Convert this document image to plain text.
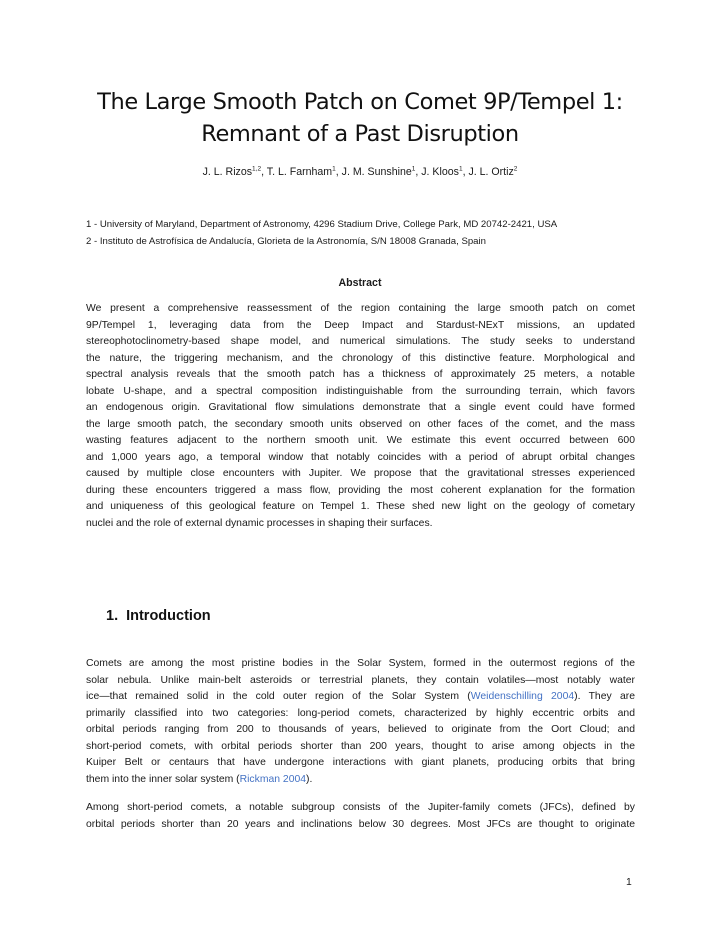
The Large Smooth Patch on Comet 9P/Tempel 1:
Remnant of a Past Disruption
J. L. Rizos$^{1,2}$, T. L. Farnham$^1$, J. M. Sunshine$^1$, J. Kloos$^1$, J. L. Ortiz$^2$
1 - University of Maryland, Department of Astronomy, 4296 Stadium Drive, College Park, MD 20742-2421, USA
2 - Instituto de Astrofísica de Andalucía, Glorieta de la Astronomía, S/N 18008 Granada, Spain
Abstract
We present a comprehensive reassessment of the region containing the large smooth patch on comet
9P/Tempel 1, leveraging data from the Deep Impact and Stardust-NExT missions, an updated
stereophotoclinometry-based shape model, and numerical simulations. The study seeks to understand
the nature, the triggering mechanism, and the chronology of this distinctive feature. Morphological and
spectral analysis reveals that the smooth patch has a thickness of approximately 25 meters, a notable
lobate U-shape, and a spectral composition indistinguishable from the surrounding terrain, which favors
an endogenous origin. Gravitational flow simulations demonstrate that a single event could have formed
the large smooth patch, the secondary smooth units observed on other faces of the comet, and the mass
wasting features adjacent to the northern smooth unit. We estimate this event occurred between 600
and 1,000 years ago, a temporal window that notably coincides with a period of abrupt orbital changes
caused by multiple close encounters with Jupiter. We propose that the gravitational stresses experienced
during these encounters triggered a mass flow, providing the most coherent explanation for the formation
and uniqueness of this geological feature on Tempel 1. These shed new light on the geology of cometary
nuclei and the role of external dynamic processes in shaping their surfaces.
1. Introduction
Comets are among the most pristine bodies in the Solar System, formed in the outermost regions of the
solar nebula. Unlike main-belt asteroids or terrestrial planets, they contain volatiles—most notably water
ice—that remained solid in the cold outer region of the Solar System (Weidenschilling 2004). They are
primarily classified into two categories: long-period comets, characterized by highly eccentric orbits and
orbital periods ranging from 200 to thousands of years, believed to originate from the Oort Cloud; and
short-period comets, with orbital periods shorter than 200 years, thought to arise among objects in the
Kuiper Belt or centaurs that have undergone interactions with giant planets, producing orbits that bring
them into the inner solar system (Rickman 2004).
Among short-period comets, a notable subgroup consists of the Jupiter-family comets (JFCs), defined by
orbital periods shorter than 20 years and inclinations below 30 degrees. Most JFCs are thought to originate
1
